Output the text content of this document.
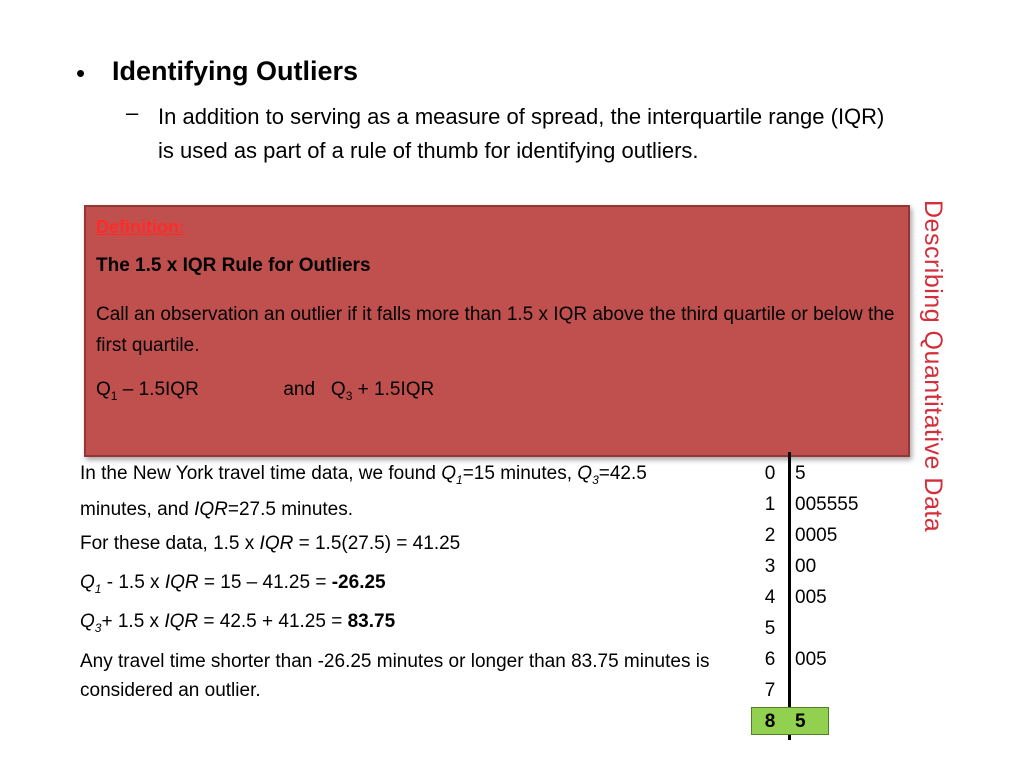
• Identifying Outliers
– In addition to serving as a measure of spread, the interquartile range (IQR) is used as part of a rule of thumb for identifying outliers.
Describing Quantitative Data
Definition:
The 1.5 x IQR Rule for Outliers
Call an observation an outlier if it falls more than 1.5 x IQR above the third quartile or below the first quartile.
$Q_1 - 1.5IQR$	and $Q_3 + 1.5IQR$
In the New York travel time data, we found $Q_1=15$ minutes, $Q_3=42.5$ minutes, and IQR=27.5 minutes.
For these data, 1.5 x IQR = 1.5(27.5) = 41.25
$Q_1 - 1.5$ x IQR = 15 – 41.25 = -26.25
$Q_3+ 1.5$ x IQR = 42.5 + 41.25 = 83.75
Any travel time shorter than -26.25 minutes or longer than 83.75 minutes is considered an outlier.
0 5
1 005555
2 0005
3 00
4 005
5
6 005
7
8 5
